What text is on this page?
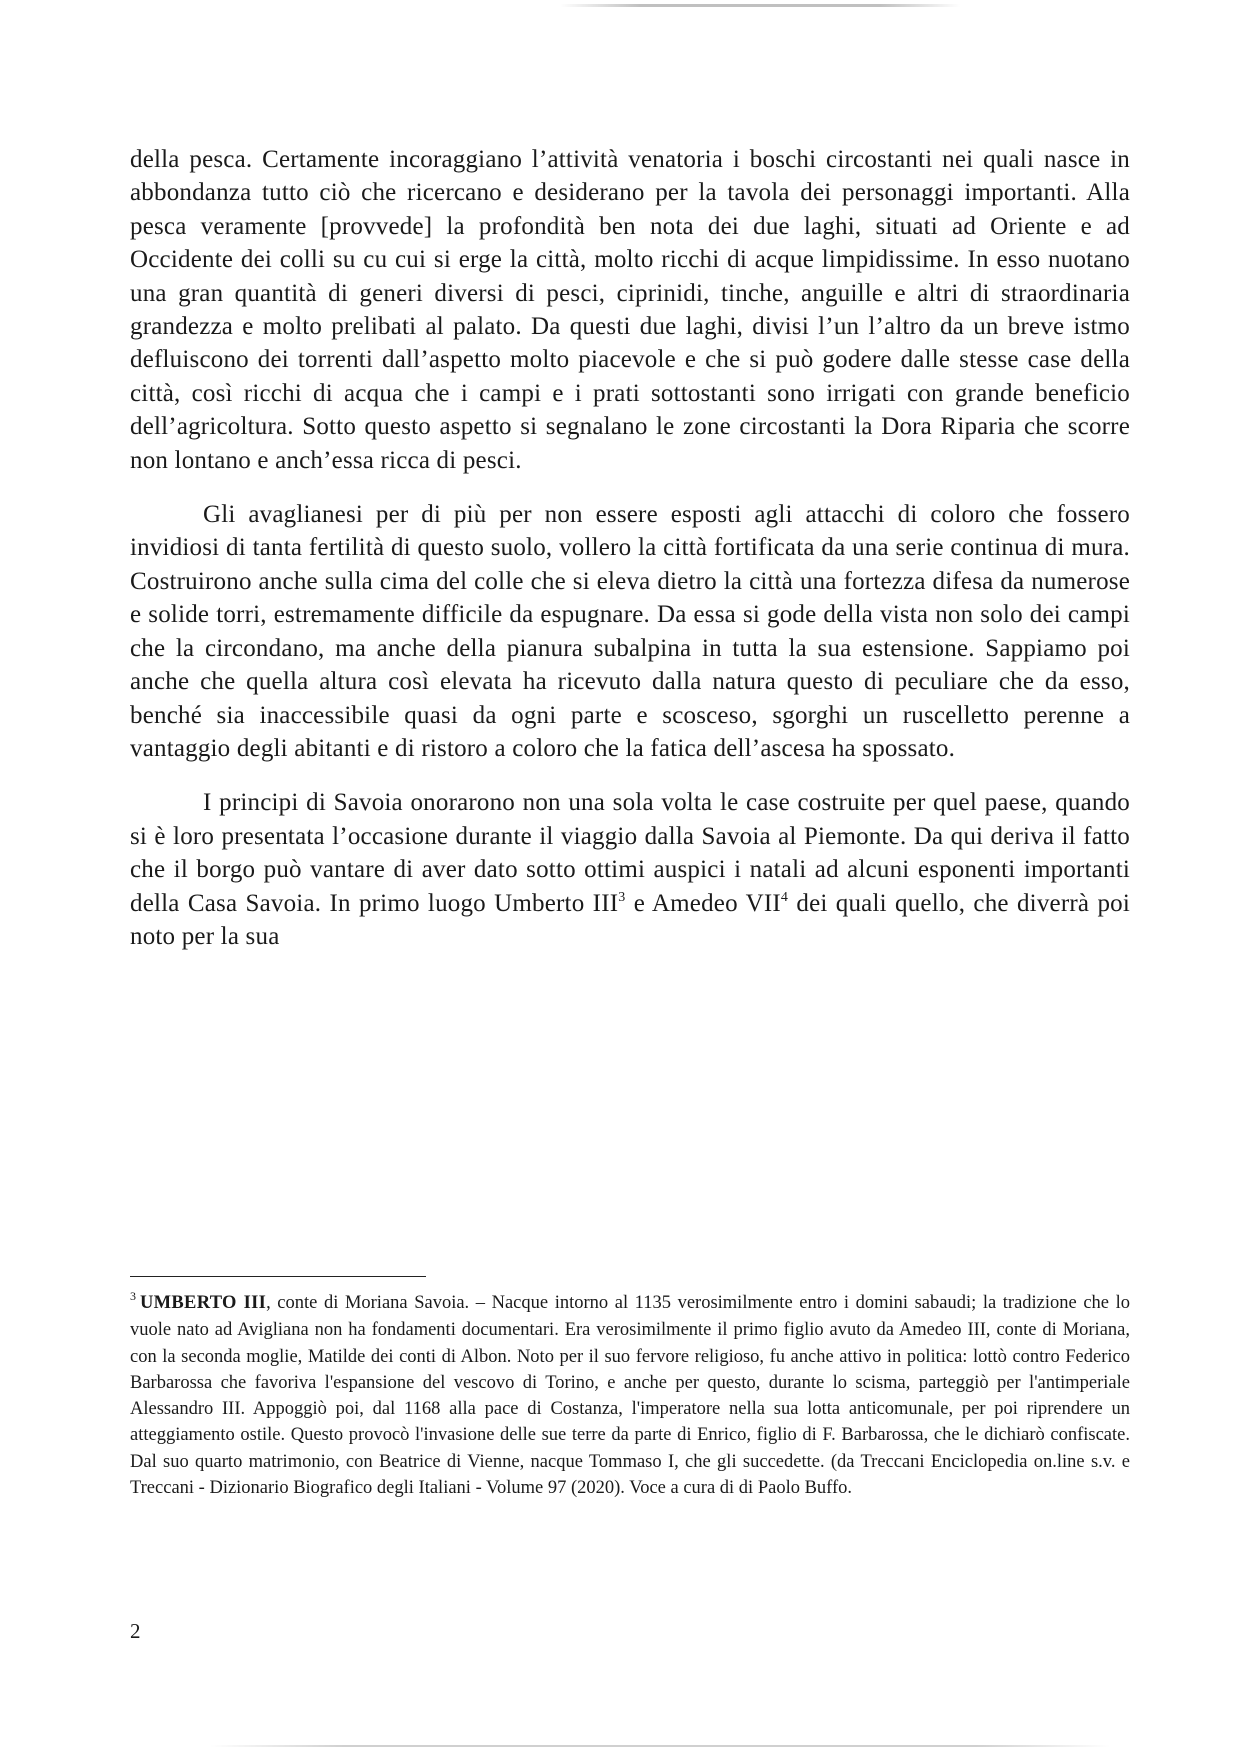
della pesca. Certamente incoraggiano l’attività venatoria i boschi circostanti nei quali nasce in abbondanza tutto ciò che ricercano e desiderano per la tavola dei personaggi importanti. Alla pesca veramente [provvede] la profondità ben nota dei due laghi, situati ad Oriente e ad Occidente dei colli su cu cui si erge la città, molto ricchi di acque limpidissime. In esso nuotano una gran quantità di generi diversi di pesci, ciprinidi, tinche, anguille e altri di straordinaria grandezza e molto prelibati al palato. Da questi due laghi, divisi l’un l’altro da un breve istmo defluiscono dei torrenti dall’aspetto molto piacevole e che si può godere dalle stesse case della città, così ricchi di acqua che i campi e i prati sottostanti sono irrigati con grande beneficio dell’agricoltura. Sotto questo aspetto si segnalano le zone circostanti la Dora Riparia che scorre non lontano e anch’essa ricca di pesci.

Gli avaglianesi per di più per non essere esposti agli attacchi di coloro che fossero invidiosi di tanta fertilità di questo suolo, vollero la città fortificata da una serie continua di mura. Costruirono anche sulla cima del colle che si eleva dietro la città una fortezza difesa da numerose e solide torri, estremamente difficile da espugnare. Da essa si gode della vista non solo dei campi che la circondano, ma anche della pianura subalpina in tutta la sua estensione. Sappiamo poi anche che quella altura così elevata ha ricevuto dalla natura questo di peculiare che da esso, benché sia inaccessibile quasi da ogni parte e scosceso, sgorghi un ruscelletto perenne a vantaggio degli abitanti e di ristoro a coloro che la fatica dell’ascesa ha spossato.

I principi di Savoia onorarono non una sola volta le case costruite per quel paese, quando si è loro presentata l’occasione durante il viaggio dalla Savoia al Piemonte. Da qui deriva il fatto che il borgo può vantare di aver dato sotto ottimi auspici i natali ad alcuni esponenti importanti della Casa Savoia. In primo luogo Umberto III$^3$ e Amedeo VII$^4$ dei quali quello, che diverrà poi noto per la sua

$^3$ UMBERTO III, conte di Moriana Savoia. – Nacque intorno al 1135 verosimilmente entro i domini sabaudi; la tradizione che lo vuole nato ad Avigliana non ha fondamenti documentari. Era verosimilmente il primo figlio avuto da Amedeo III, conte di Moriana, con la seconda moglie, Matilde dei conti di Albon. Noto per il suo fervore religioso, fu anche attivo in politica: lottò contro Federico Barbarossa che favoriva l'espansione del vescovo di Torino, e anche per questo, durante lo scisma, parteggiò per l'antimperiale Alessandro III. Appoggiò poi, dal 1168 alla pace di Costanza, l'imperatore nella sua lotta anticomunale, per poi riprendere un atteggiamento ostile. Questo provocò l'invasione delle sue terre da parte di Enrico, figlio di F. Barbarossa, che le dichiarò confiscate. Dal suo quarto matrimonio, con Beatrice di Vienne, nacque Tommaso I, che gli succedette. (da Treccani Enciclopedia on.line s.v. e Treccani - Dizionario Biografico degli Italiani - Volume 97 (2020). Voce a cura di di Paolo Buffo.

2
